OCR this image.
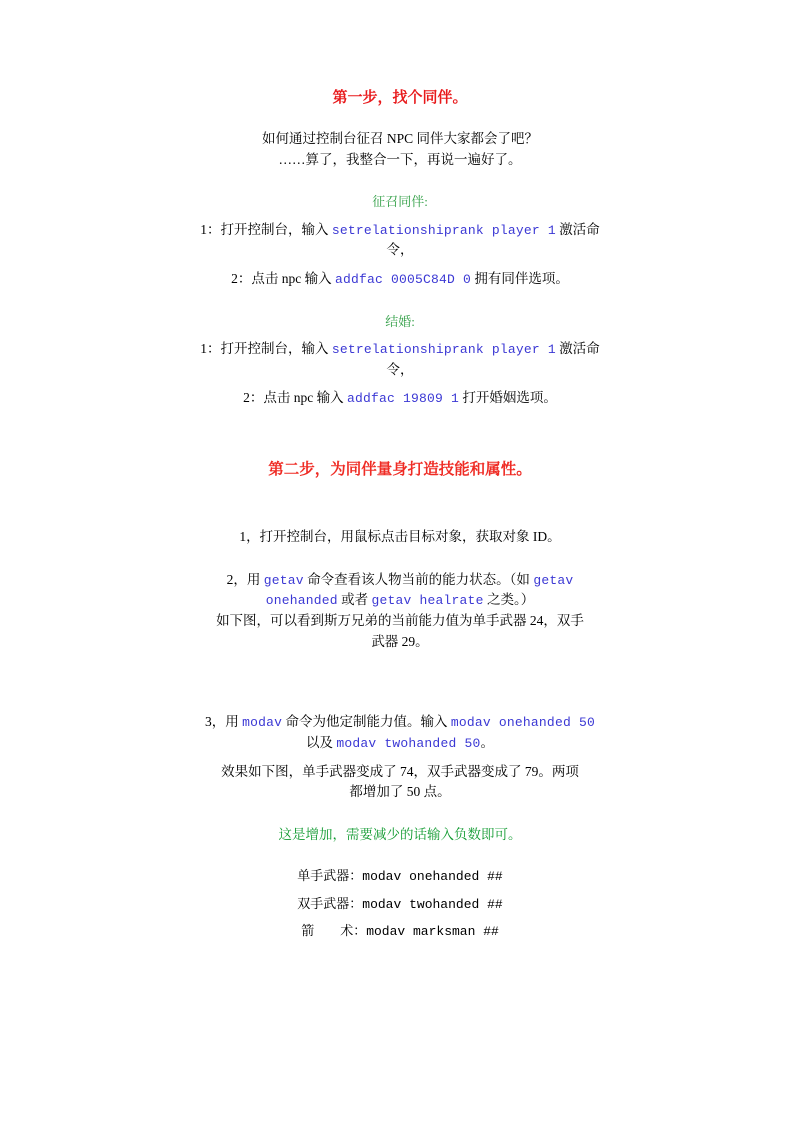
第一步，找个同伴。

如何通过控制台征召 NPC 同伴大家都会了吧？

……算了，我整合一下，再说一遍好了。

征召同伴:

1：打开控制台，输入 setrelationshiprank player 1 激活命

令，

2：点击 npc 输入 addfac 0005C84D 0 拥有同伴选项。

结婚:

1：打开控制台，输入 setrelationshiprank player 1 激活命

令，

2：点击 npc 输入 addfac 19809 1 打开婚姻选项。

第二步，为同伴量身打造技能和属性。

1，打开控制台，用鼠标点击目标对象，获取对象 ID。

2，用 getav 命令查看该人物当前的能力状态。（如 getav

onehanded 或者 getav healrate 之类。）

如下图，可以看到斯万兄弟的当前能力值为单手武器 24，双手

武器 29。

3，用 modav 命令为他定制能力值。输入 modav onehanded 50

以及 modav twohanded 50。

效果如下图，单手武器变成了 74，双手武器变成了 79。两项

都增加了 50 点。

这是增加，需要减少的话输入负数即可。

单手武器：modav onehanded ##

双手武器：modav twohanded ##

箭　　术：modav marksman ##
